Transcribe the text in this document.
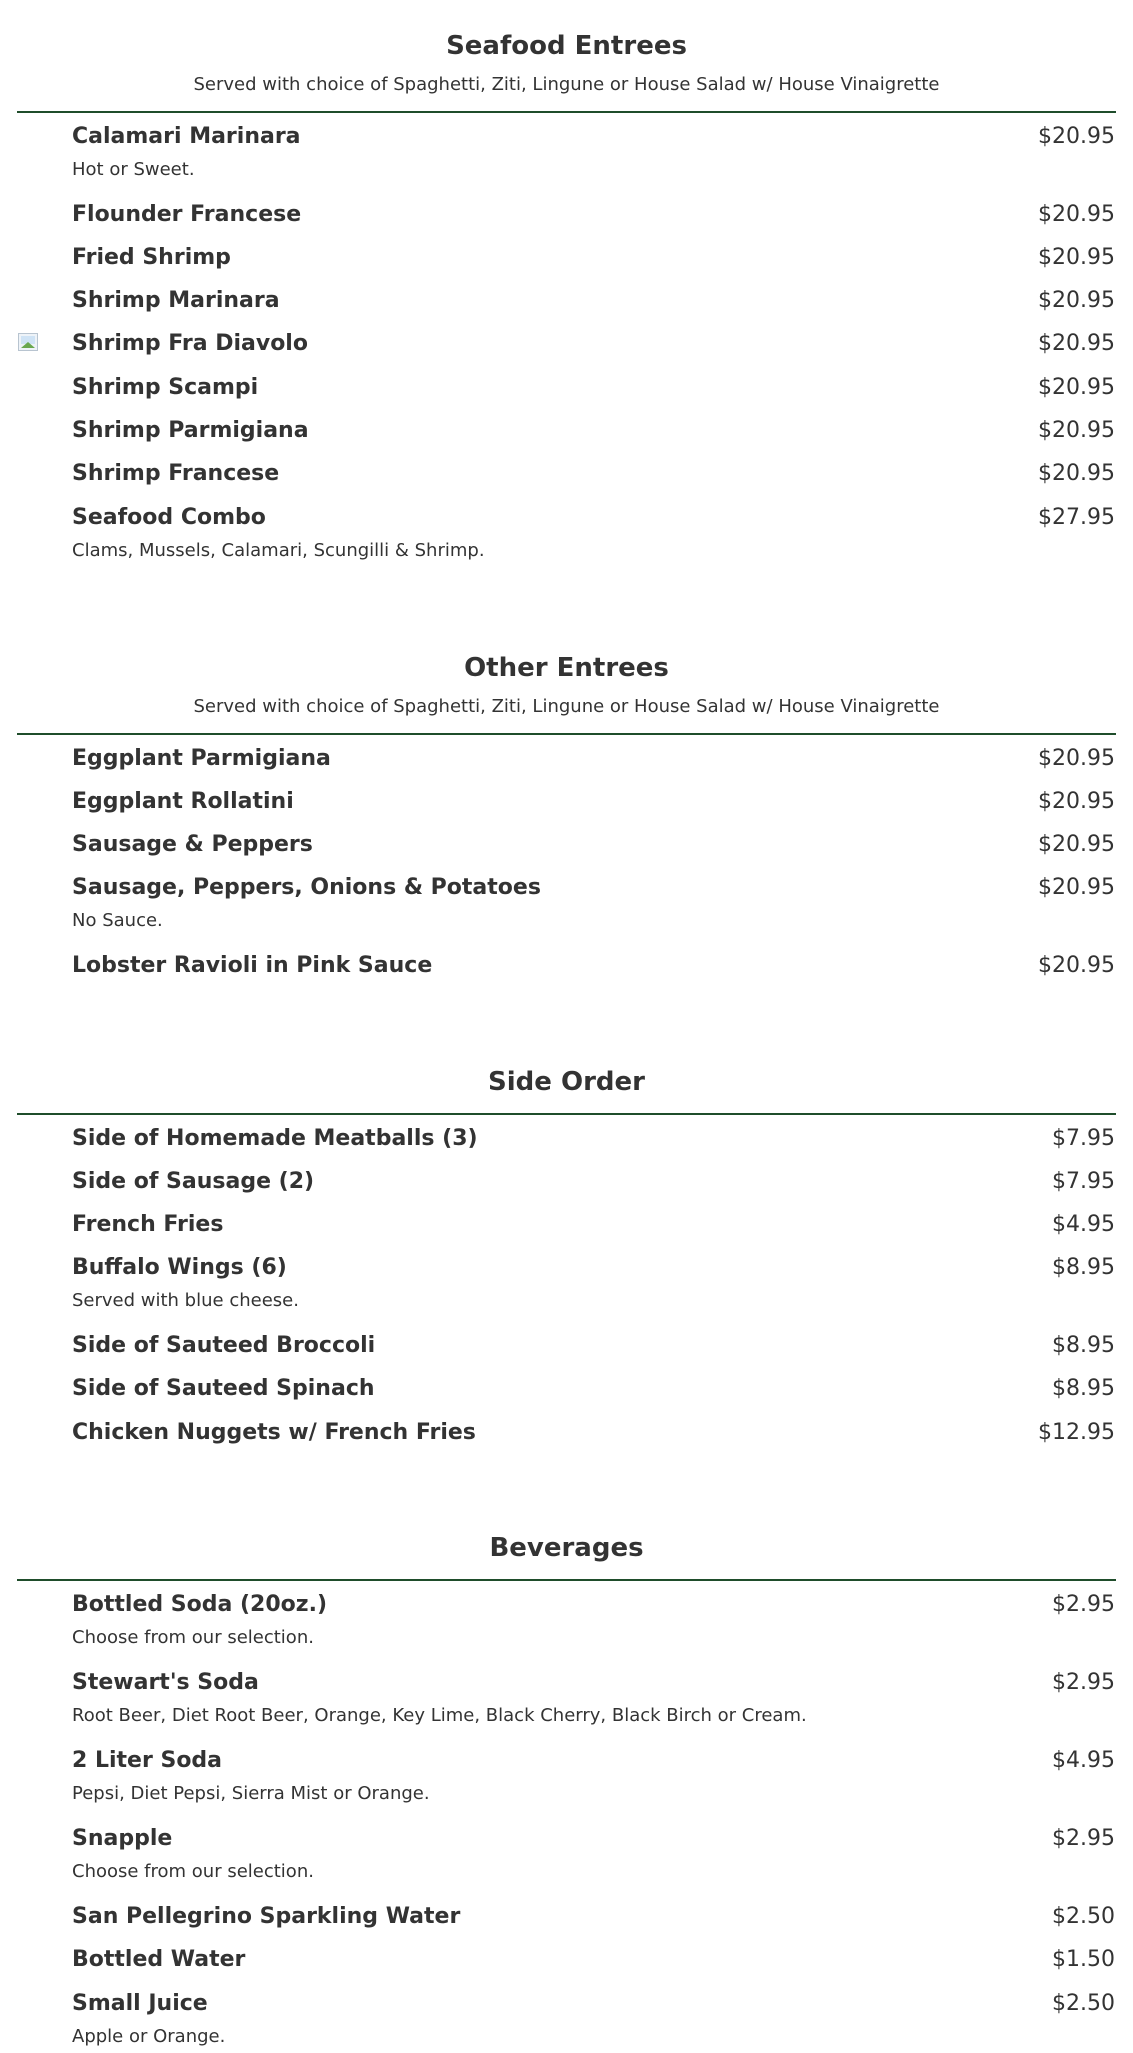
Seafood Entrees
Served with choice of Spaghetti, Ziti, Lingune or House Salad w/ House Vinaigrette
Calamari Marinara	$20.95
Hot or Sweet.
Flounder Francese	$20.95
Fried Shrimp	$20.95
Shrimp Marinara	$20.95
Shrimp Fra Diavolo	$20.95
Shrimp Scampi	$20.95
Shrimp Parmigiana	$20.95
Shrimp Francese	$20.95
Seafood Combo	$27.95
Clams, Mussels, Calamari, Scungilli & Shrimp.
Other Entrees
Served with choice of Spaghetti, Ziti, Lingune or House Salad w/ House Vinaigrette
Eggplant Parmigiana	$20.95
Eggplant Rollatini	$20.95
Sausage & Peppers	$20.95
Sausage, Peppers, Onions & Potatoes	$20.95
No Sauce.
Lobster Ravioli in Pink Sauce	$20.95
Side Order
Side of Homemade Meatballs (3)	$7.95
Side of Sausage (2)	$7.95
French Fries	$4.95
Buffalo Wings (6)	$8.95
Served with blue cheese.
Side of Sauteed Broccoli	$8.95
Side of Sauteed Spinach	$8.95
Chicken Nuggets w/ French Fries	$12.95
Beverages
Bottled Soda (20oz.)	$2.95
Choose from our selection.
Stewart's Soda	$2.95
Root Beer, Diet Root Beer, Orange, Key Lime, Black Cherry, Black Birch or Cream.
2 Liter Soda	$4.95
Pepsi, Diet Pepsi, Sierra Mist or Orange.
Snapple	$2.95
Choose from our selection.
San Pellegrino Sparkling Water	$2.50
Bottled Water	$1.50
Small Juice	$2.50
Apple or Orange.
